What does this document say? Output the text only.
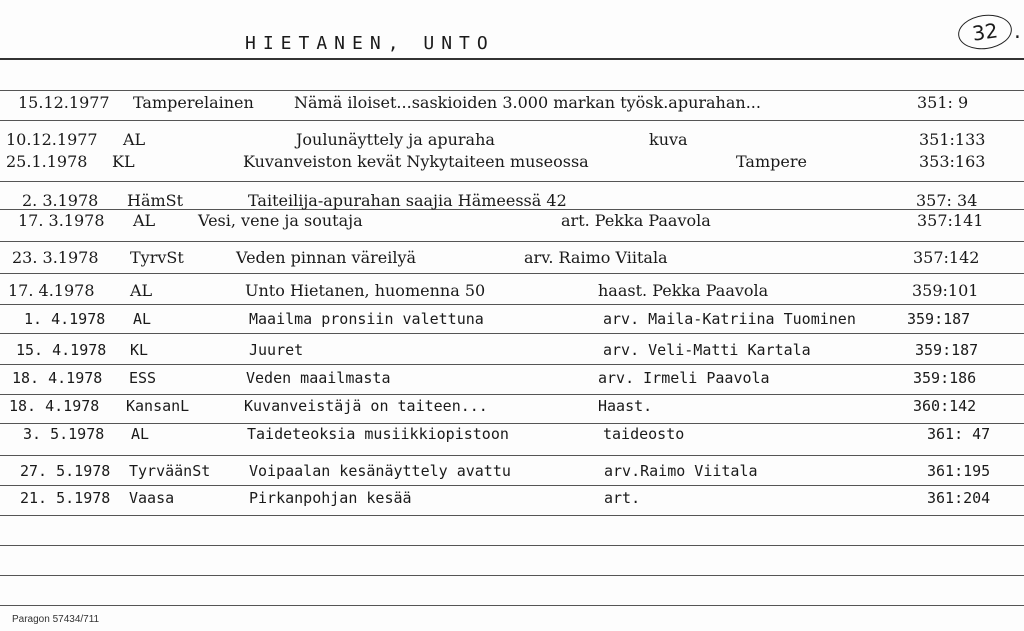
HIETANEN, UNTO	32 .
15.12.1977 Tamperelainen	Nämä iloiset...saskioiden 3.000 markan työsk.apurahan...	351: 9
10.12.1977 AL	Joulunäyttely ja apuraha	kuva	351:133
25.1.1978 KL	Kuvanveiston kevät Nykytaiteen museossa	Tampere	353:163
2. 3.1978 HämSt	Taiteilija-apurahan saajia Hämeessä 42	357: 34
17. 3.1978 AL	Vesi, vene ja soutaja	art. Pekka Paavola	357:141
23. 3.1978 TyrvSt	Veden pinnan väreilyä	arv. Raimo Viitala	357:142
17. 4.1978 AL	Unto Hietanen, huomenna 50	haast. Pekka Paavola	359:101
1. 4.1978 AL	Maailma pronsiin valettuna	arv. Maila-Katriina Tuominen	359:187
15. 4.1978 KL	Juuret	arv. Veli-Matti Kartala	359:187
18. 4.1978 ESS	Veden maailmasta	arv. Irmeli Paavola	359:186
18. 4.1978 KansanL	Kuvanveistäjä on taiteen...	Haast.	360:142
3. 5.1978 AL	Taideteoksia musiikkiopistoon	taideosto	361: 47
27. 5.1978 TyrväänSt	Voipaalan kesänäyttely avattu	arv.Raimo Viitala	361:195
21. 5.1978 Vaasa	Pirkanpohjan kesää	art.	361:204
Paragon 57434/711
